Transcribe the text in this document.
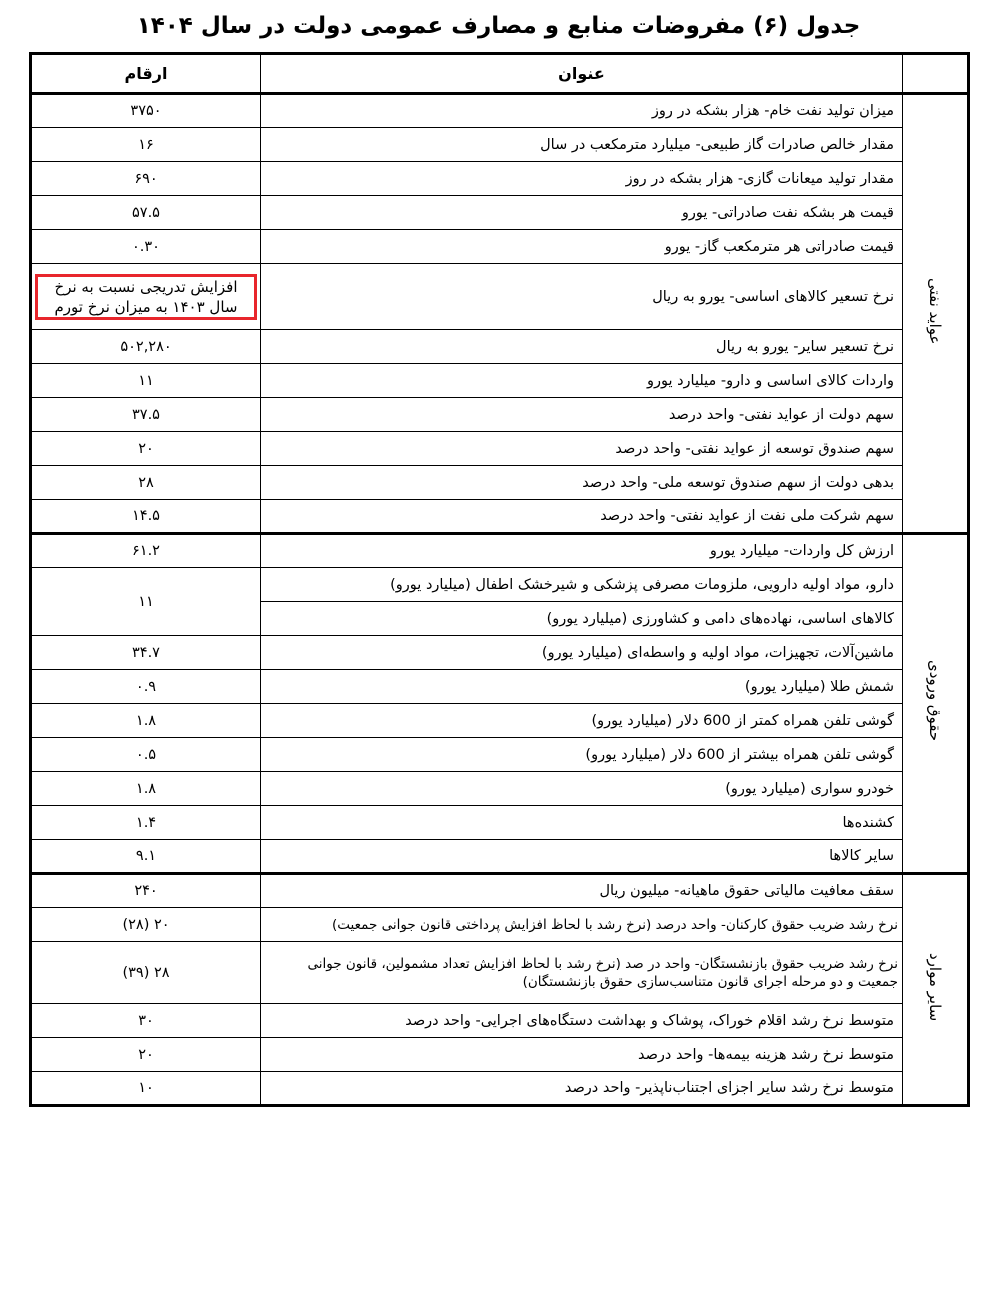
جدول (۶) مفروضات منابع و مصارف عمومی دولت در سال ۱۴۰۴
	عنوان	ارقام
عواید نفتی	میزان تولید نفت خام- هزار بشکه در روز	۳۷۵۰
	مقدار خالص صادرات گاز طبیعی- میلیارد مترمکعب در سال	۱۶
	مقدار تولید میعانات گازی- هزار بشکه در روز	۶۹۰
	قیمت هر بشکه نفت صادراتی- یورو	۵۷.۵
	قیمت صادراتی هر مترمکعب گاز- یورو	۰.۳۰
	نرخ تسعیر کالاهای اساسی- یورو به ریال	افزایش تدریجی نسبت به نرخ سال ۱۴۰۳ به میزان نرخ تورم

	نرخ تسعیر سایر- یورو به ریال	۵۰۲,۲۸۰
	واردات کالای اساسی و دارو- میلیارد یورو	۱۱
	سهم دولت از عواید نفتی- واحد درصد	۳۷.۵
	سهم صندوق توسعه از عواید نفتی- واحد درصد	۲۰
	بدهی دولت از سهم صندوق توسعه ملی- واحد درصد	۲۸
	سهم شرکت ملی نفت از عواید نفتی- واحد درصد	۱۴.۵
حقوق ورودی	ارزش کل واردات- میلیارد یورو	۶۱.۲
	دارو، مواد اولیه دارویی، ملزومات مصرفی پزشکی و شیرخشک اطفال (میلیارد یورو)	۱۱
	کالاهای اساسی، نهاده‌های دامی و کشاورزی (میلیارد یورو)	
	ماشین‌آلات، تجهیزات، مواد اولیه و واسطه‌ای (میلیارد یورو)	۳۴.۷
	شمش طلا (میلیارد یورو)	۰.۹
	گوشی تلفن همراه کمتر از 600 دلار (میلیارد یورو)	۱.۸
	گوشی تلفن همراه بیشتر از 600 دلار (میلیارد یورو)	۰.۵
	خودرو سواری (میلیارد یورو)	۱.۸
	کشنده‌ها	۱.۴
	سایر کالاها	۹.۱
سایر موارد	سقف معافیت مالیاتی حقوق ماهیانه- میلیون ریال	۲۴۰
	نرخ رشد ضریب حقوق کارکنان- واحد درصد (نرخ رشد با لحاظ افزایش پرداختی قانون جوانی جمعیت)	۲۰ (۲۸)
	نرخ رشد ضریب حقوق بازنشستگان- واحد در صد (نرخ رشد با لحاظ افزایش تعداد مشمولین، قانون جوانی جمعیت و دو مرحله اجرای قانون متناسب‌سازی حقوق بازنشستگان)	۲۸ (۳۹)
	متوسط نرخ رشد اقلام خوراک، پوشاک و بهداشت دستگاه‌های اجرایی- واحد درصد	۳۰
	متوسط نرخ رشد هزینه بیمه‌ها- واحد درصد	۲۰
	متوسط نرخ رشد سایر اجزای اجتناب‌ناپذیر- واحد درصد	۱۰
